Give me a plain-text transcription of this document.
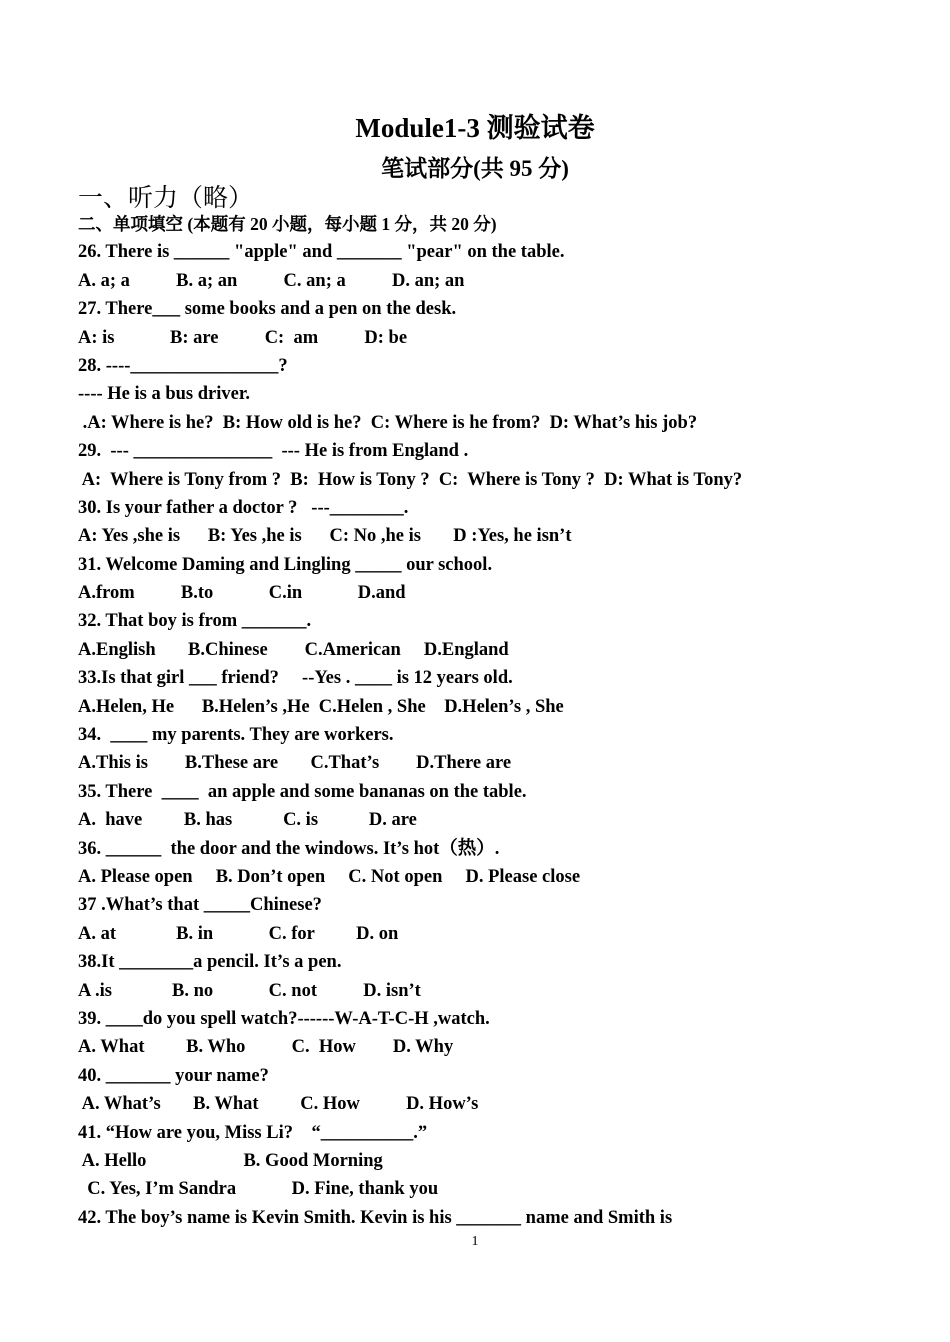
Module1-3 测验试卷
笔试部分(共 95 分)
一、听力（略）
二、单项填空 (本题有 20 小题，每小题 1 分，共 20 分)
26. There is ______ "apple" and _______ "pear" on the table.
A. a; a          B. a; an          C. an; a          D. an; an
27. There___ some books and a pen on the desk.
A: is            B: are          C:  am          D: be
28. ----________________?
---- He is a bus driver.
.A: Where is he?  B: How old is he?  C: Where is he from?  D: What’s his job?
29.  --- _______________  --- He is from England .
A:  Where is Tony from ?  B:  How is Tony ?  C:  Where is Tony ?  D: What is Tony?
30. Is your father a doctor ?   ---________.
A: Yes ,she is      B: Yes ,he is      C: No ,he is       D :Yes, he isn’t
31. Welcome Daming and Lingling _____ our school.
A.from          B.to            C.in            D.and
32. That boy is from _______.
A.English       B.Chinese        C.American     D.England
33.Is that girl ___ friend?     --Yes . ____ is 12 years old.
A.Helen, He      B.Helen’s ,He  C.Helen , She    D.Helen’s , She
34.  ____ my parents. They are workers.
A.This is        B.These are       C.That’s        D.There are
35. There  ____  an apple and some bananas on the table.
A.  have         B. has           C. is           D. are
36. ______  the door and the windows. It’s hot（热）.
A. Please open     B. Don’t open     C. Not open     D. Please close
37 .What’s that _____Chinese?
A. at             B. in            C. for         D. on
38.It ________a pencil. It’s a pen.
A .is             B. no            C. not          D. isn’t
39. ____do you spell watch?------W-A-T-C-H ,watch.
A. What         B. Who          C.  How        D. Why
40. _______ your name?
A. What’s       B. What         C. How          D. How’s
41. “How are you, Miss Li?    “__________.”
A. Hello                     B. Good Morning
C. Yes, I’m Sandra            D. Fine, thank you
42. The boy’s name is Kevin Smith. Kevin is his _______ name and Smith is
1
